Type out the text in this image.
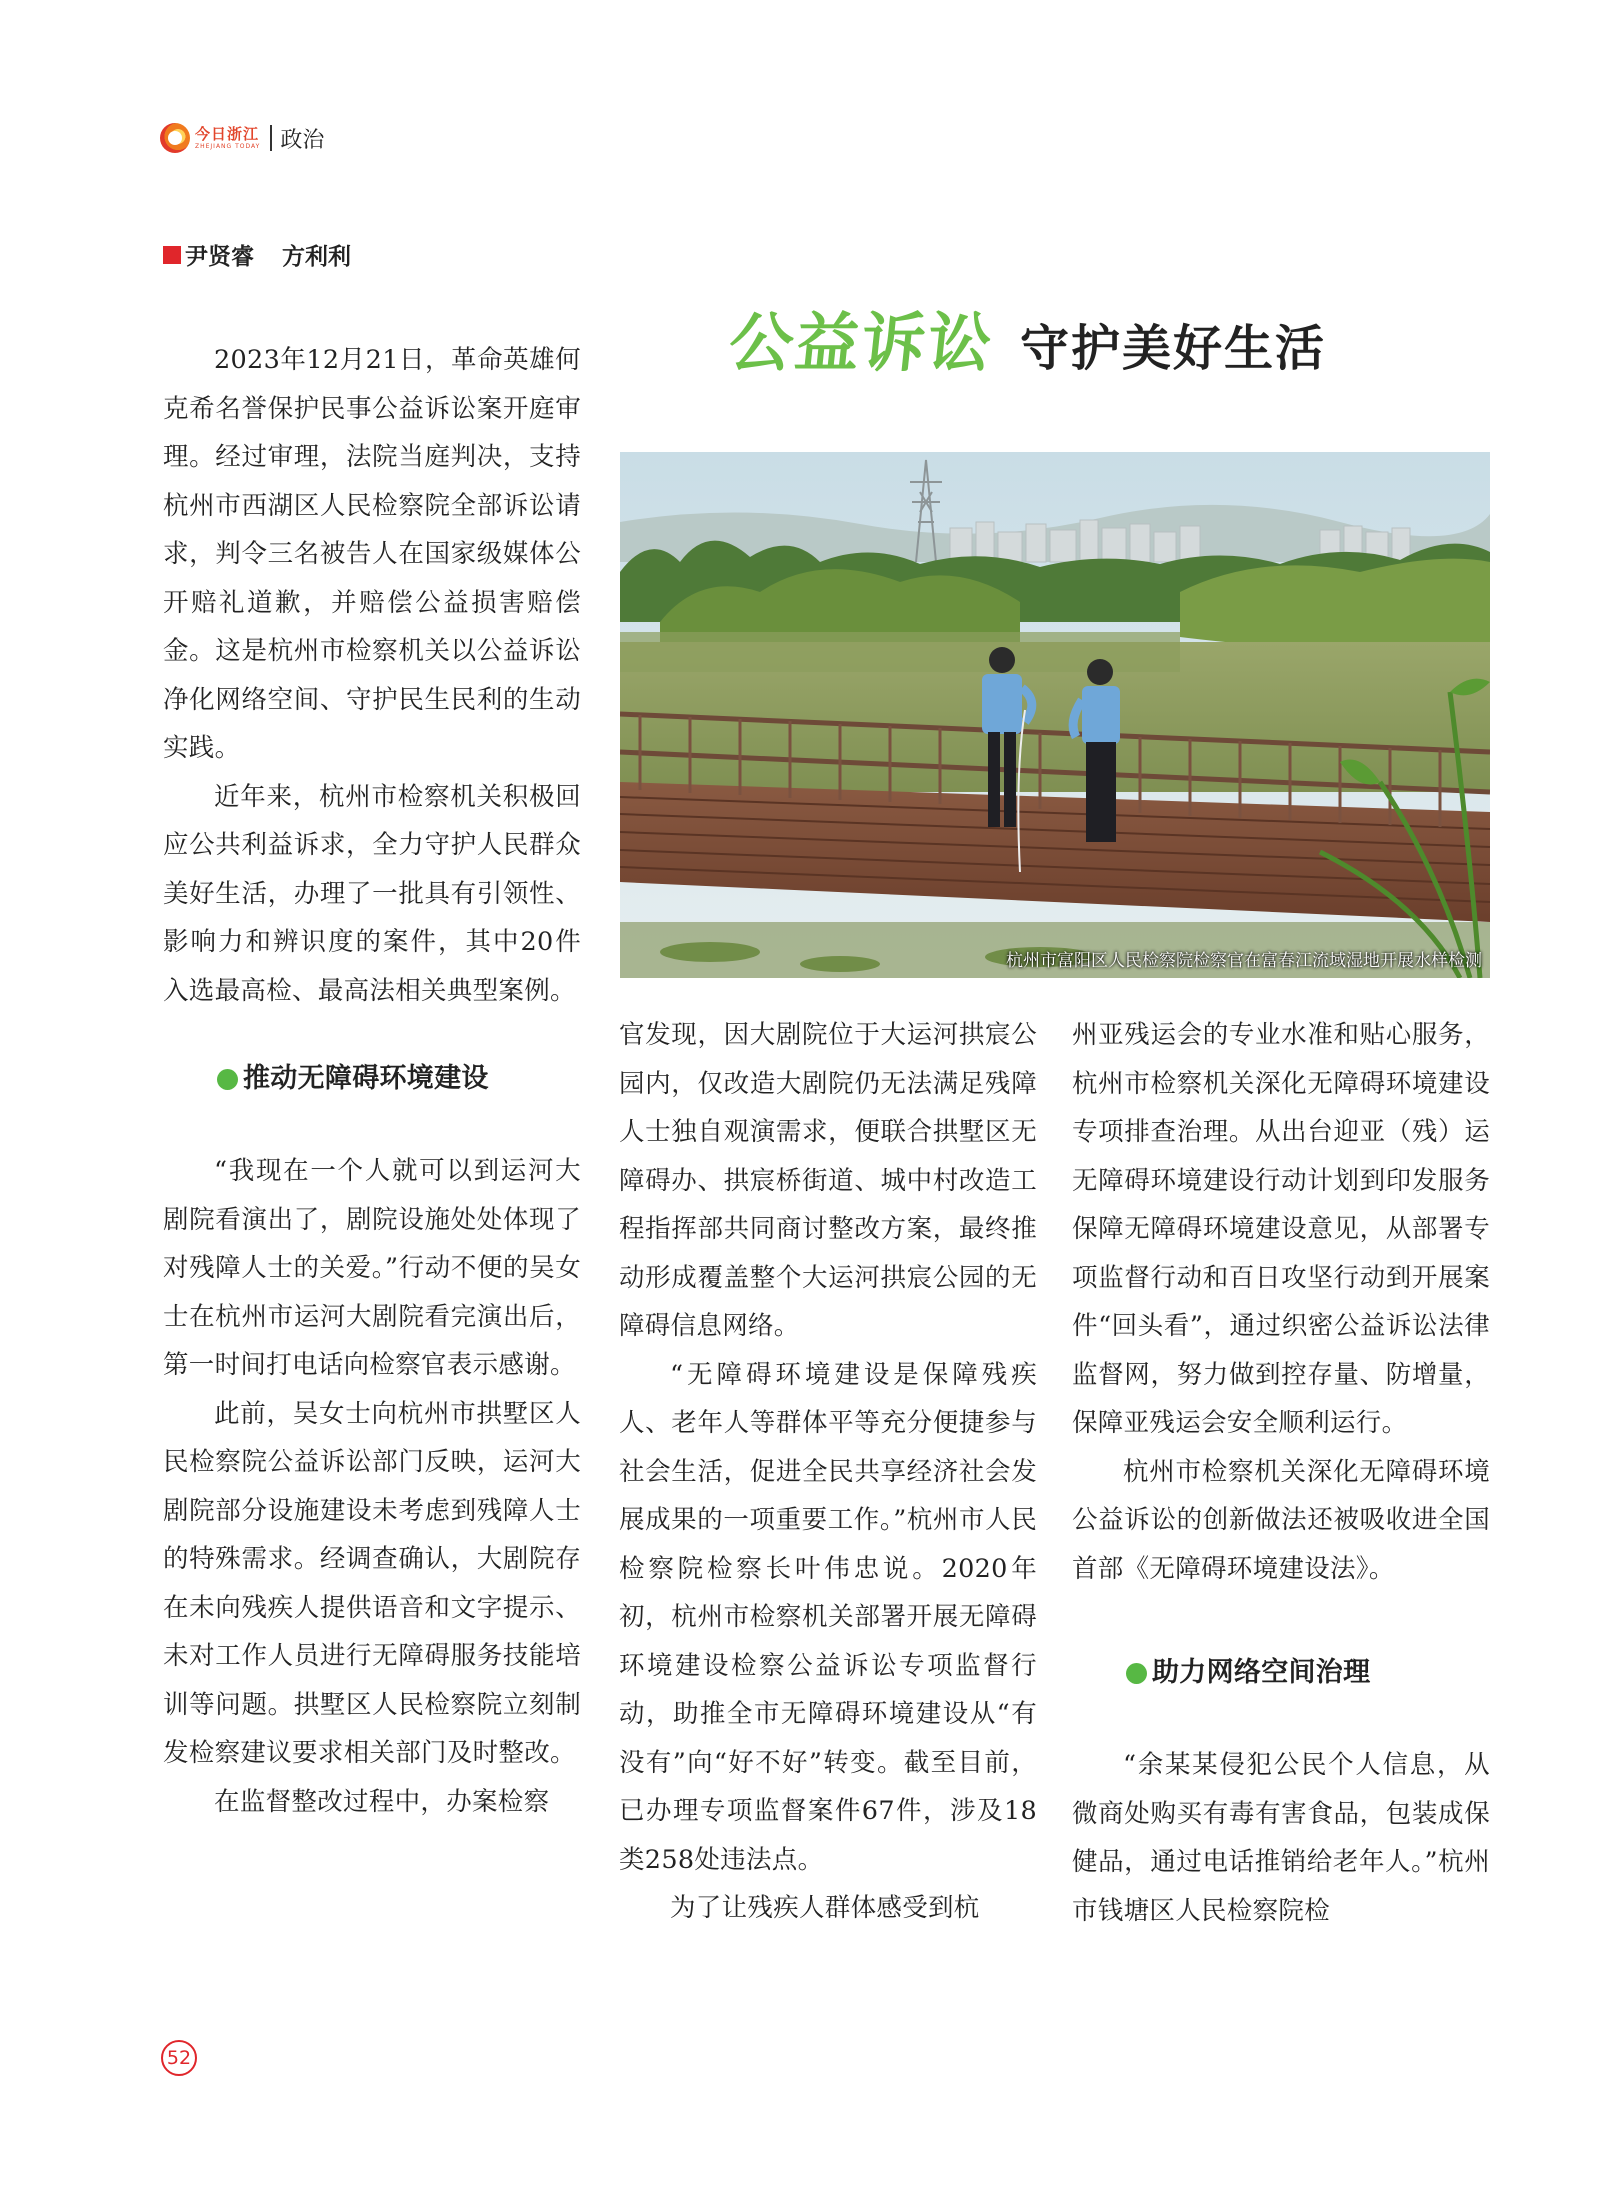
今日浙江
ZHEJIANG TODAY 政治
尹贤睿 方利利
公益诉讼 守护美好生活
杭州市富阳区人民检察院检察官在富春江流域湿地开展水样检测

2023年12月21日，革命英雄何克希名誉保护民事公益诉讼案开庭审理。经过审理，法院当庭判决，支持杭州市西湖区人民检察院全部诉讼请求，判令三名被告人在国家级媒体公开赔礼道歉，并赔偿公益损害赔偿金。这是杭州市检察机关以公益诉讼净化网络空间、守护民生民利的生动实践。

近年来，杭州市检察机关积极回应公共利益诉求，全力守护人民群众美好生活，办理了一批具有引领性、影响力和辨识度的案件，其中20件入选最高检、最高法相关典型案例。

推动无障碍环境建设

“我现在一个人就可以到运河大剧院看演出了，剧院设施处处体现了对残障人士的关爱。”行动不便的吴女士在杭州市运河大剧院看完演出后，第一时间打电话向检察官表示感谢。

此前，吴女士向杭州市拱墅区人民检察院公益诉讼部门反映，运河大剧院部分设施建设未考虑到残障人士的特殊需求。经调查确认，大剧院存在未向残疾人提供语音和文字提示、未对工作人员进行无障碍服务技能培训等问题。拱墅区人民检察院立刻制发检察建议要求相关部门及时整改。

在监督整改过程中，办案检察

官发现，因大剧院位于大运河拱宸公园内，仅改造大剧院仍无法满足残障人士独自观演需求，便联合拱墅区无障碍办、拱宸桥街道、城中村改造工程指挥部共同商讨整改方案，最终推动形成覆盖整个大运河拱宸公园的无障碍信息网络。

“无障碍环境建设是保障残疾人、老年人等群体平等充分便捷参与社会生活，促进全民共享经济社会发展成果的一项重要工作。”杭州市人民检察院检察长叶伟忠说。2020年初，杭州市检察机关部署开展无障碍环境建设检察公益诉讼专项监督行动，助推全市无障碍环境建设从“有没有”向“好不好”转变。截至目前，已办理专项监督案件67件，涉及18类258处违法点。

为了让残疾人群体感受到杭

州亚残运会的专业水准和贴心服务，杭州市检察机关深化无障碍环境建设专项排查治理。从出台迎亚（残）运无障碍环境建设行动计划到印发服务保障无障碍环境建设意见，从部署专项监督行动和百日攻坚行动到开展案件“回头看”，通过织密公益诉讼法律监督网，努力做到控存量、防增量，保障亚残运会安全顺利运行。

杭州市检察机关深化无障碍环境公益诉讼的创新做法还被吸收进全国首部《无障碍环境建设法》。

助力网络空间治理

“余某某侵犯公民个人信息，从微商处购买有毒有害食品，包装成保健品，通过电话推销给老年人。”杭州市钱塘区人民检察院检

52
